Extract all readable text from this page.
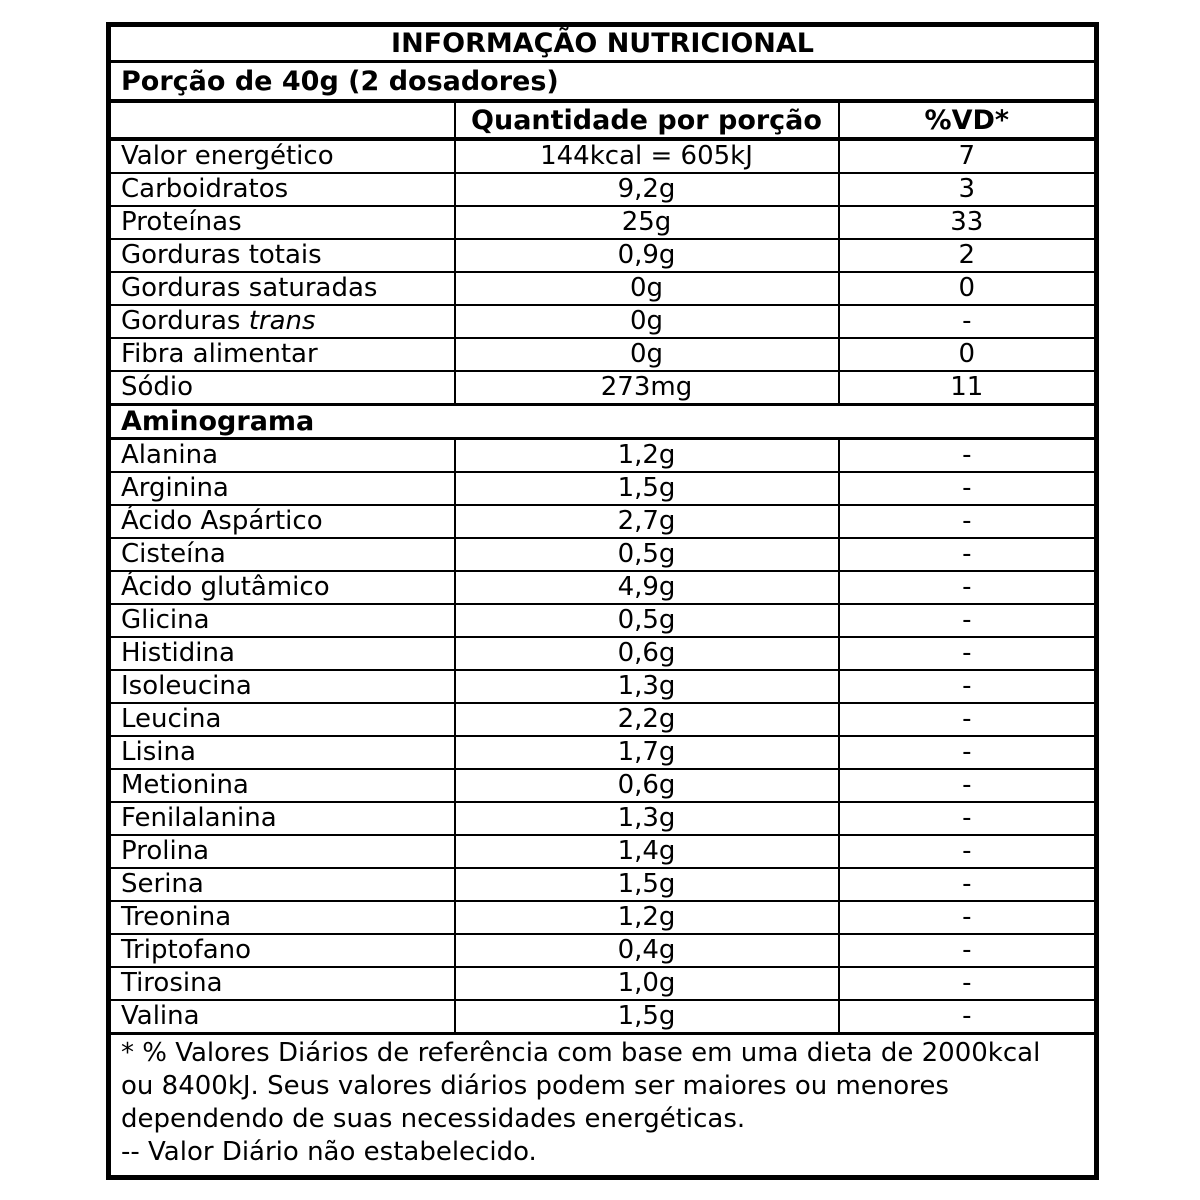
INFORMAÇÃO NUTRICIONAL		
Porção de 40g (2 dosadores)		
	Quantidade por porção	%VD*
Valor energético	144kcal = 605kJ	7
Carboidratos	9,2g	3
Proteínas	25g	33
Gorduras totais	0,9g	2
Gorduras saturadas	0g	0
Gorduras trans	0g	-
Fibra alimentar	0g	0
Sódio	273mg	11
Aminograma		
Alanina	1,2g	-
Arginina	1,5g	-
Ácido Aspártico	2,7g	-
Cisteína	0,5g	-
Ácido glutâmico	4,9g	-
Glicina	0,5g	-
Histidina	0,6g	-
Isoleucina	1,3g	-
Leucina	2,2g	-
Lisina	1,7g	-
Metionina	0,6g	-
Fenilalanina	1,3g	-
Prolina	1,4g	-
Serina	1,5g	-
Treonina	1,2g	-
Triptofano	0,4g	-
Tirosina	1,0g	-
Valina	1,5g	-

* % Valores Diários de referência com base em uma dieta de 2000kcal
ou 8400kJ. Seus valores diários podem ser maiores ou menores
dependendo de suas necessidades energéticas.
-- Valor Diário não estabelecido.		
